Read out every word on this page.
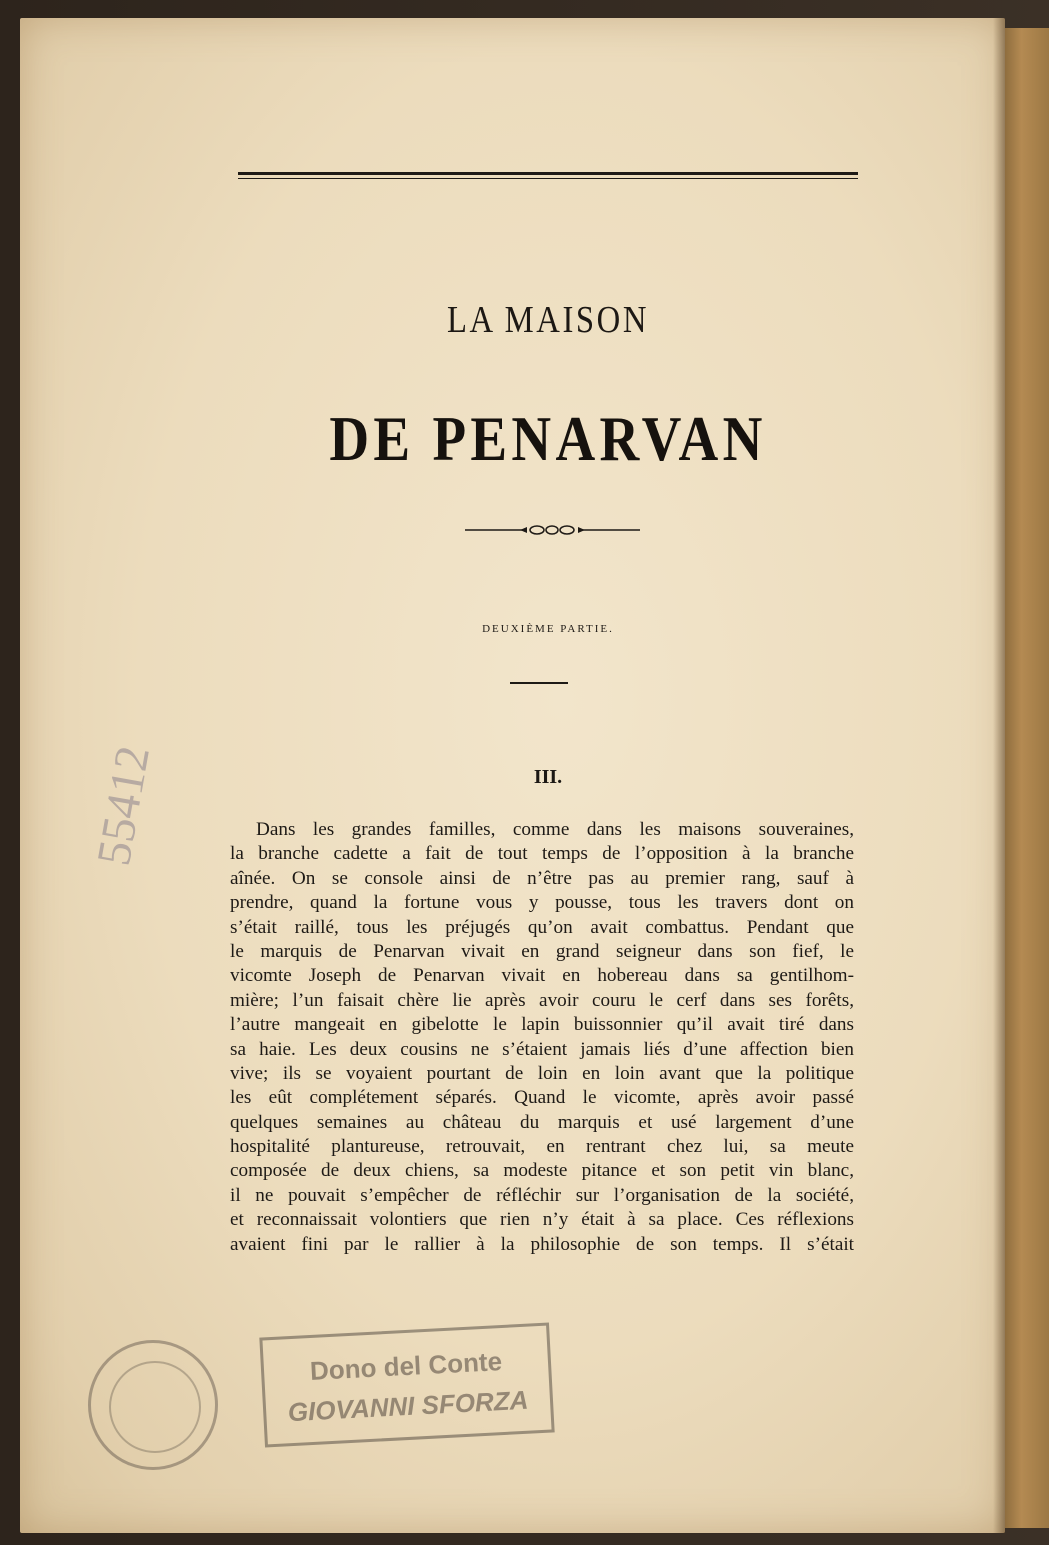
LA MAISON
DE PENARVAN
DEUXIÈME PARTIE.
III.
Dans les grandes familles, comme dans les maisons souveraines,
la branche cadette a fait de tout temps de l’opposition à la branche
aînée. On se console ainsi de n’être pas au premier rang, sauf à
prendre, quand la fortune vous y pousse, tous les travers dont on
s’était raillé, tous les préjugés qu’on avait combattus. Pendant que
le marquis de Penarvan vivait en grand seigneur dans son fief, le
vicomte Joseph de Penarvan vivait en hobereau dans sa gentilhom-
mière; l’un faisait chère lie après avoir couru le cerf dans ses forêts,
l’autre mangeait en gibelotte le lapin buissonnier qu’il avait tiré dans
sa haie. Les deux cousins ne s’étaient jamais liés d’une affection bien
vive; ils se voyaient pourtant de loin en loin avant que la politique
les eût complétement séparés. Quand le vicomte, après avoir passé
quelques semaines au château du marquis et usé largement d’une
hospitalité plantureuse, retrouvait, en rentrant chez lui, sa meute
composée de deux chiens, sa modeste pitance et son petit vin blanc,
il ne pouvait s’empêcher de réfléchir sur l’organisation de la société,
et reconnaissait volontiers que rien n’y était à sa place. Ces réflexions
avaient fini par le rallier à la philosophie de son temps. Il s’était
55412
Dono del Conte
GIOVANNI SFORZA
